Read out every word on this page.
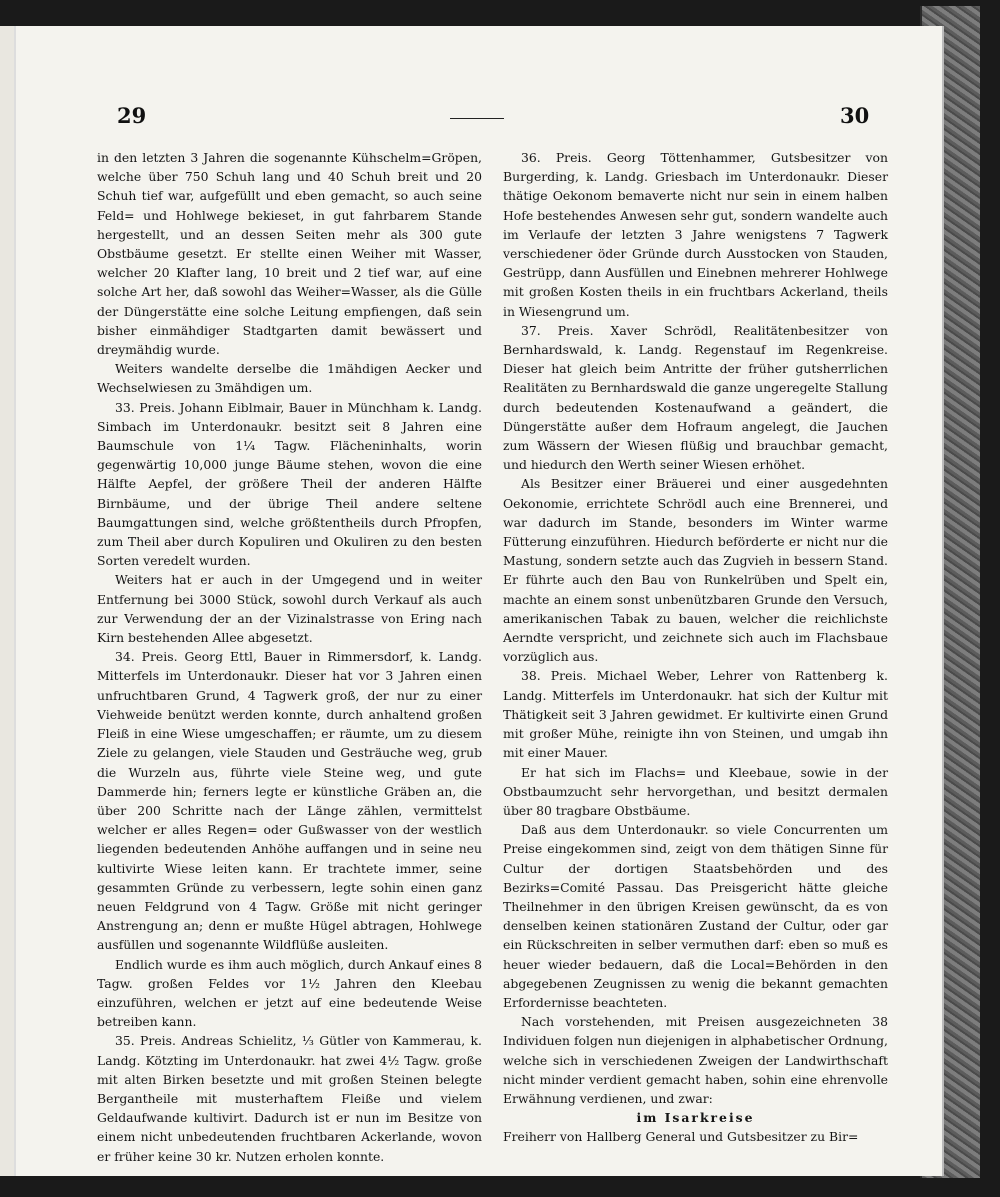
29	30

in den letzten 3 Jahren die sogenannte Kühschelm=Gröpen, welche über 750 Schuh lang und 40 Schuh breit und 20 Schuh tief war, aufgefüllt und eben gemacht, so auch seine Feld= und Hohlwege bekieset, in gut fahrbarem Stande hergestellt, und an dessen Seiten mehr als 300 gute Obstbäume gesetzt. Er stellte einen Weiher mit Wasser, welcher 20 Klafter lang, 10 breit und 2 tief war, auf eine solche Art her, daß sowohl das Weiher=Wasser, als die Gülle der Düngerstätte eine solche Leitung empfiengen, daß sein bisher einmähdiger Stadtgarten damit bewässert und dreymähdig wurde.

Weiters wandelte derselbe die 1mähdigen Aecker und Wechselwiesen zu 3mähdigen um.

33. Preis. Johann Eiblmair, Bauer in Münchham k. Landg. Simbach im Unterdonaukr. besitzt seit 8 Jahren eine Baumschule von 1¼ Tagw. Flächeninhalts, worin gegenwärtig 10,000 junge Bäume stehen, wovon die eine Hälfte Aepfel, der größere Theil der anderen Hälfte Birnbäume, und der übrige Theil andere seltene Baumgattungen sind, welche größtentheils durch Pfropfen, zum Theil aber durch Kopuliren und Okuliren zu den besten Sorten veredelt wurden.

Weiters hat er auch in der Umgegend und in weiter Entfernung bei 3000 Stück, sowohl durch Verkauf als auch zur Verwendung der an der Vizinalstrasse von Ering nach Kirn bestehenden Allee abgesetzt.

34. Preis. Georg Ettl, Bauer in Rimmersdorf, k. Landg. Mitterfels im Unterdonaukr. Dieser hat vor 3 Jahren einen unfruchtbaren Grund, 4 Tagwerk groß, der nur zu einer Viehweide benützt werden konnte, durch anhaltend großen Fleiß in eine Wiese umgeschaffen; er räumte, um zu diesem Ziele zu gelangen, viele Stauden und Gesträuche weg, grub die Wurzeln aus, führte viele Steine weg, und gute Dammerde hin; ferners legte er künstliche Gräben an, die über 200 Schritte nach der Länge zählen, vermittelst welcher er alles Regen= oder Gußwasser von der westlich liegenden bedeutenden Anhöhe auffangen und in seine neu kultivirte Wiese leiten kann. Er trachtete immer, seine gesammten Gründe zu verbessern, legte sohin einen ganz neuen Feldgrund von 4 Tagw. Größe mit nicht geringer Anstrengung an; denn er mußte Hügel abtragen, Hohlwege ausfüllen und sogenannte Wildflüße ausleiten.

Endlich wurde es ihm auch möglich, durch Ankauf eines 8 Tagw. großen Feldes vor 1½ Jahren den Kleebau einzuführen, welchen er jetzt auf eine bedeutende Weise betreiben kann.

35. Preis. Andreas Schielitz, ⅓ Gütler von Kammerau, k. Landg. Kötzting im Unterdonaukr. hat zwei 4½ Tagw. große mit alten Birken besetzte und mit großen Steinen belegte Bergantheile mit musterhaftem Fleiße und vielem Geldaufwande kultivirt. Dadurch ist er nun im Besitze von einem nicht unbedeutenden fruchtbaren Ackerlande, wovon er früher keine 30 kr. Nutzen erholen konnte.

36. Preis. Georg Töttenhammer, Gutsbesitzer von Burgerding, k. Landg. Griesbach im Unterdonaukr. Dieser thätige Oekonom bemaverte nicht nur sein in einem halben Hofe bestehendes Anwesen sehr gut, sondern wandelte auch im Verlaufe der letzten 3 Jahre wenigstens 7 Tagwerk verschiedener öder Gründe durch Ausstocken von Stauden, Gestrüpp, dann Ausfüllen und Einebnen mehrerer Hohlwege mit großen Kosten theils in ein fruchtbars Ackerland, theils in Wiesengrund um.

37. Preis. Xaver Schrödl, Realitätenbesitzer von Bernhardswald, k. Landg. Regenstauf im Regenkreise. Dieser hat gleich beim Antritte der früher gutsherrlichen Realitäten zu Bernhardswald die ganze ungeregelte Stallung durch bedeutenden Kostenaufwand a geändert, die Düngerstätte außer dem Hofraum angelegt, die Jauchen zum Wässern der Wiesen flüßig und brauchbar gemacht, und hiedurch den Werth seiner Wiesen erhöhet.

Als Besitzer einer Bräuerei und einer ausgedehnten Oekonomie, errichtete Schrödl auch eine Brennerei, und war dadurch im Stande, besonders im Winter warme Fütterung einzuführen. Hiedurch beförderte er nicht nur die Mastung, sondern setzte auch das Zugvieh in bessern Stand. Er führte auch den Bau von Runkelrüben und Spelt ein, machte an einem sonst unbenützbaren Grunde den Versuch, amerikanischen Tabak zu bauen, welcher die reichlichste Aerndte verspricht, und zeichnete sich auch im Flachsbaue vorzüglich aus.

38. Preis. Michael Weber, Lehrer von Rattenberg k. Landg. Mitterfels im Unterdonaukr. hat sich der Kultur mit Thätigkeit seit 3 Jahren gewidmet. Er kultivirte einen Grund mit großer Mühe, reinigte ihn von Steinen, und umgab ihn mit einer Mauer.

Er hat sich im Flachs= und Kleebaue, sowie in der Obstbaumzucht sehr hervorgethan, und besitzt dermalen über 80 tragbare Obstbäume.

Daß aus dem Unterdonaukr. so viele Concurrenten um Preise eingekommen sind, zeigt von dem thätigen Sinne für Cultur der dortigen Staatsbehörden und des Bezirks=Comité Passau. Das Preisgericht hätte gleiche Theilnehmer in den übrigen Kreisen gewünscht, da es von denselben keinen stationären Zustand der Cultur, oder gar ein Rückschreiten in selber vermuthen darf: eben so muß es heuer wieder bedauern, daß die Local=Behörden in den abgegebenen Zeugnissen zu wenig die bekannt gemachten Erfordernisse beachteten.

Nach vorstehenden, mit Preisen ausgezeichneten 38 Individuen folgen nun diejenigen in alphabetischer Ordnung, welche sich in verschiedenen Zweigen der Landwirthschaft nicht minder verdient gemacht haben, sohin eine ehrenvolle Erwähnung verdienen, und zwar:

im Isarkreise

Freiherr von Hallberg General und Gutsbesitzer zu Bir=
